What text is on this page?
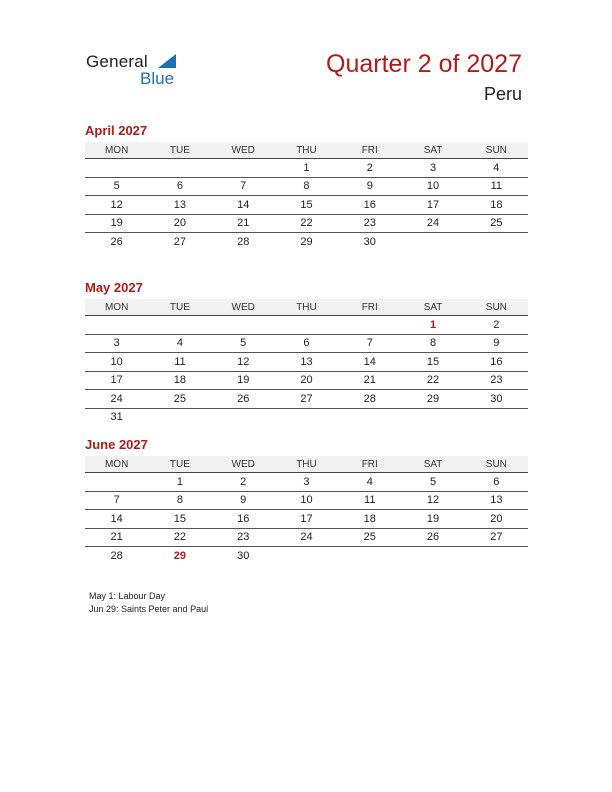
General
Blue
Quarter 2 of 2027
Peru
April 2027
MON	TUE	WED	THU	FRI	SAT	SUN
			1	2	3	4
5	6	7	8	9	10	11
12	13	14	15	16	17	18
19	20	21	22	23	24	25
26	27	28	29	30		
May 2027
MON	TUE	WED	THU	FRI	SAT	SUN
					1	2
3	4	5	6	7	8	9
10	11	12	13	14	15	16
17	18	19	20	21	22	23
24	25	26	27	28	29	30
31						
June 2027
MON	TUE	WED	THU	FRI	SAT	SUN
	1	2	3	4	5	6
7	8	9	10	11	12	13
14	15	16	17	18	19	20
21	22	23	24	25	26	27
28	29	30				
May 1: Labour Day
Jun 29: Saints Peter and Paul
